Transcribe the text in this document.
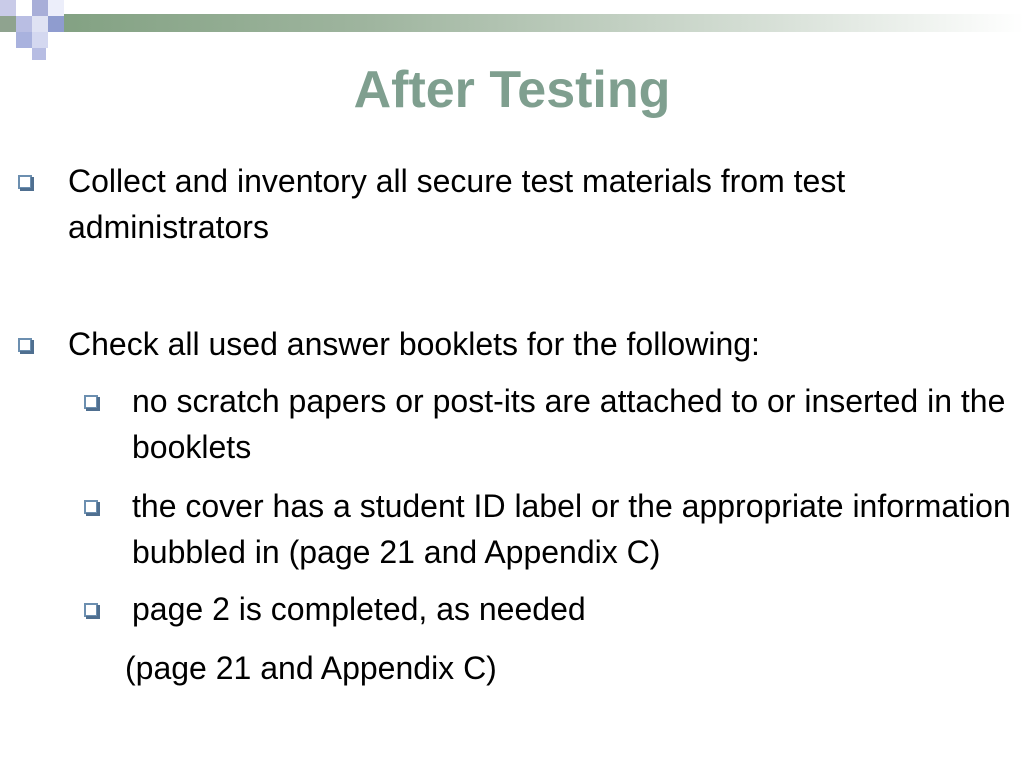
After Testing
Collect and inventory all secure test materials from test administrators
Check all used answer booklets for the following:
no scratch papers or post-its are attached to or inserted in the booklets
the cover has a student ID label or the appropriate information bubbled in (page 21 and Appendix C)
page 2 is completed, as needed
(page 21 and Appendix C)
